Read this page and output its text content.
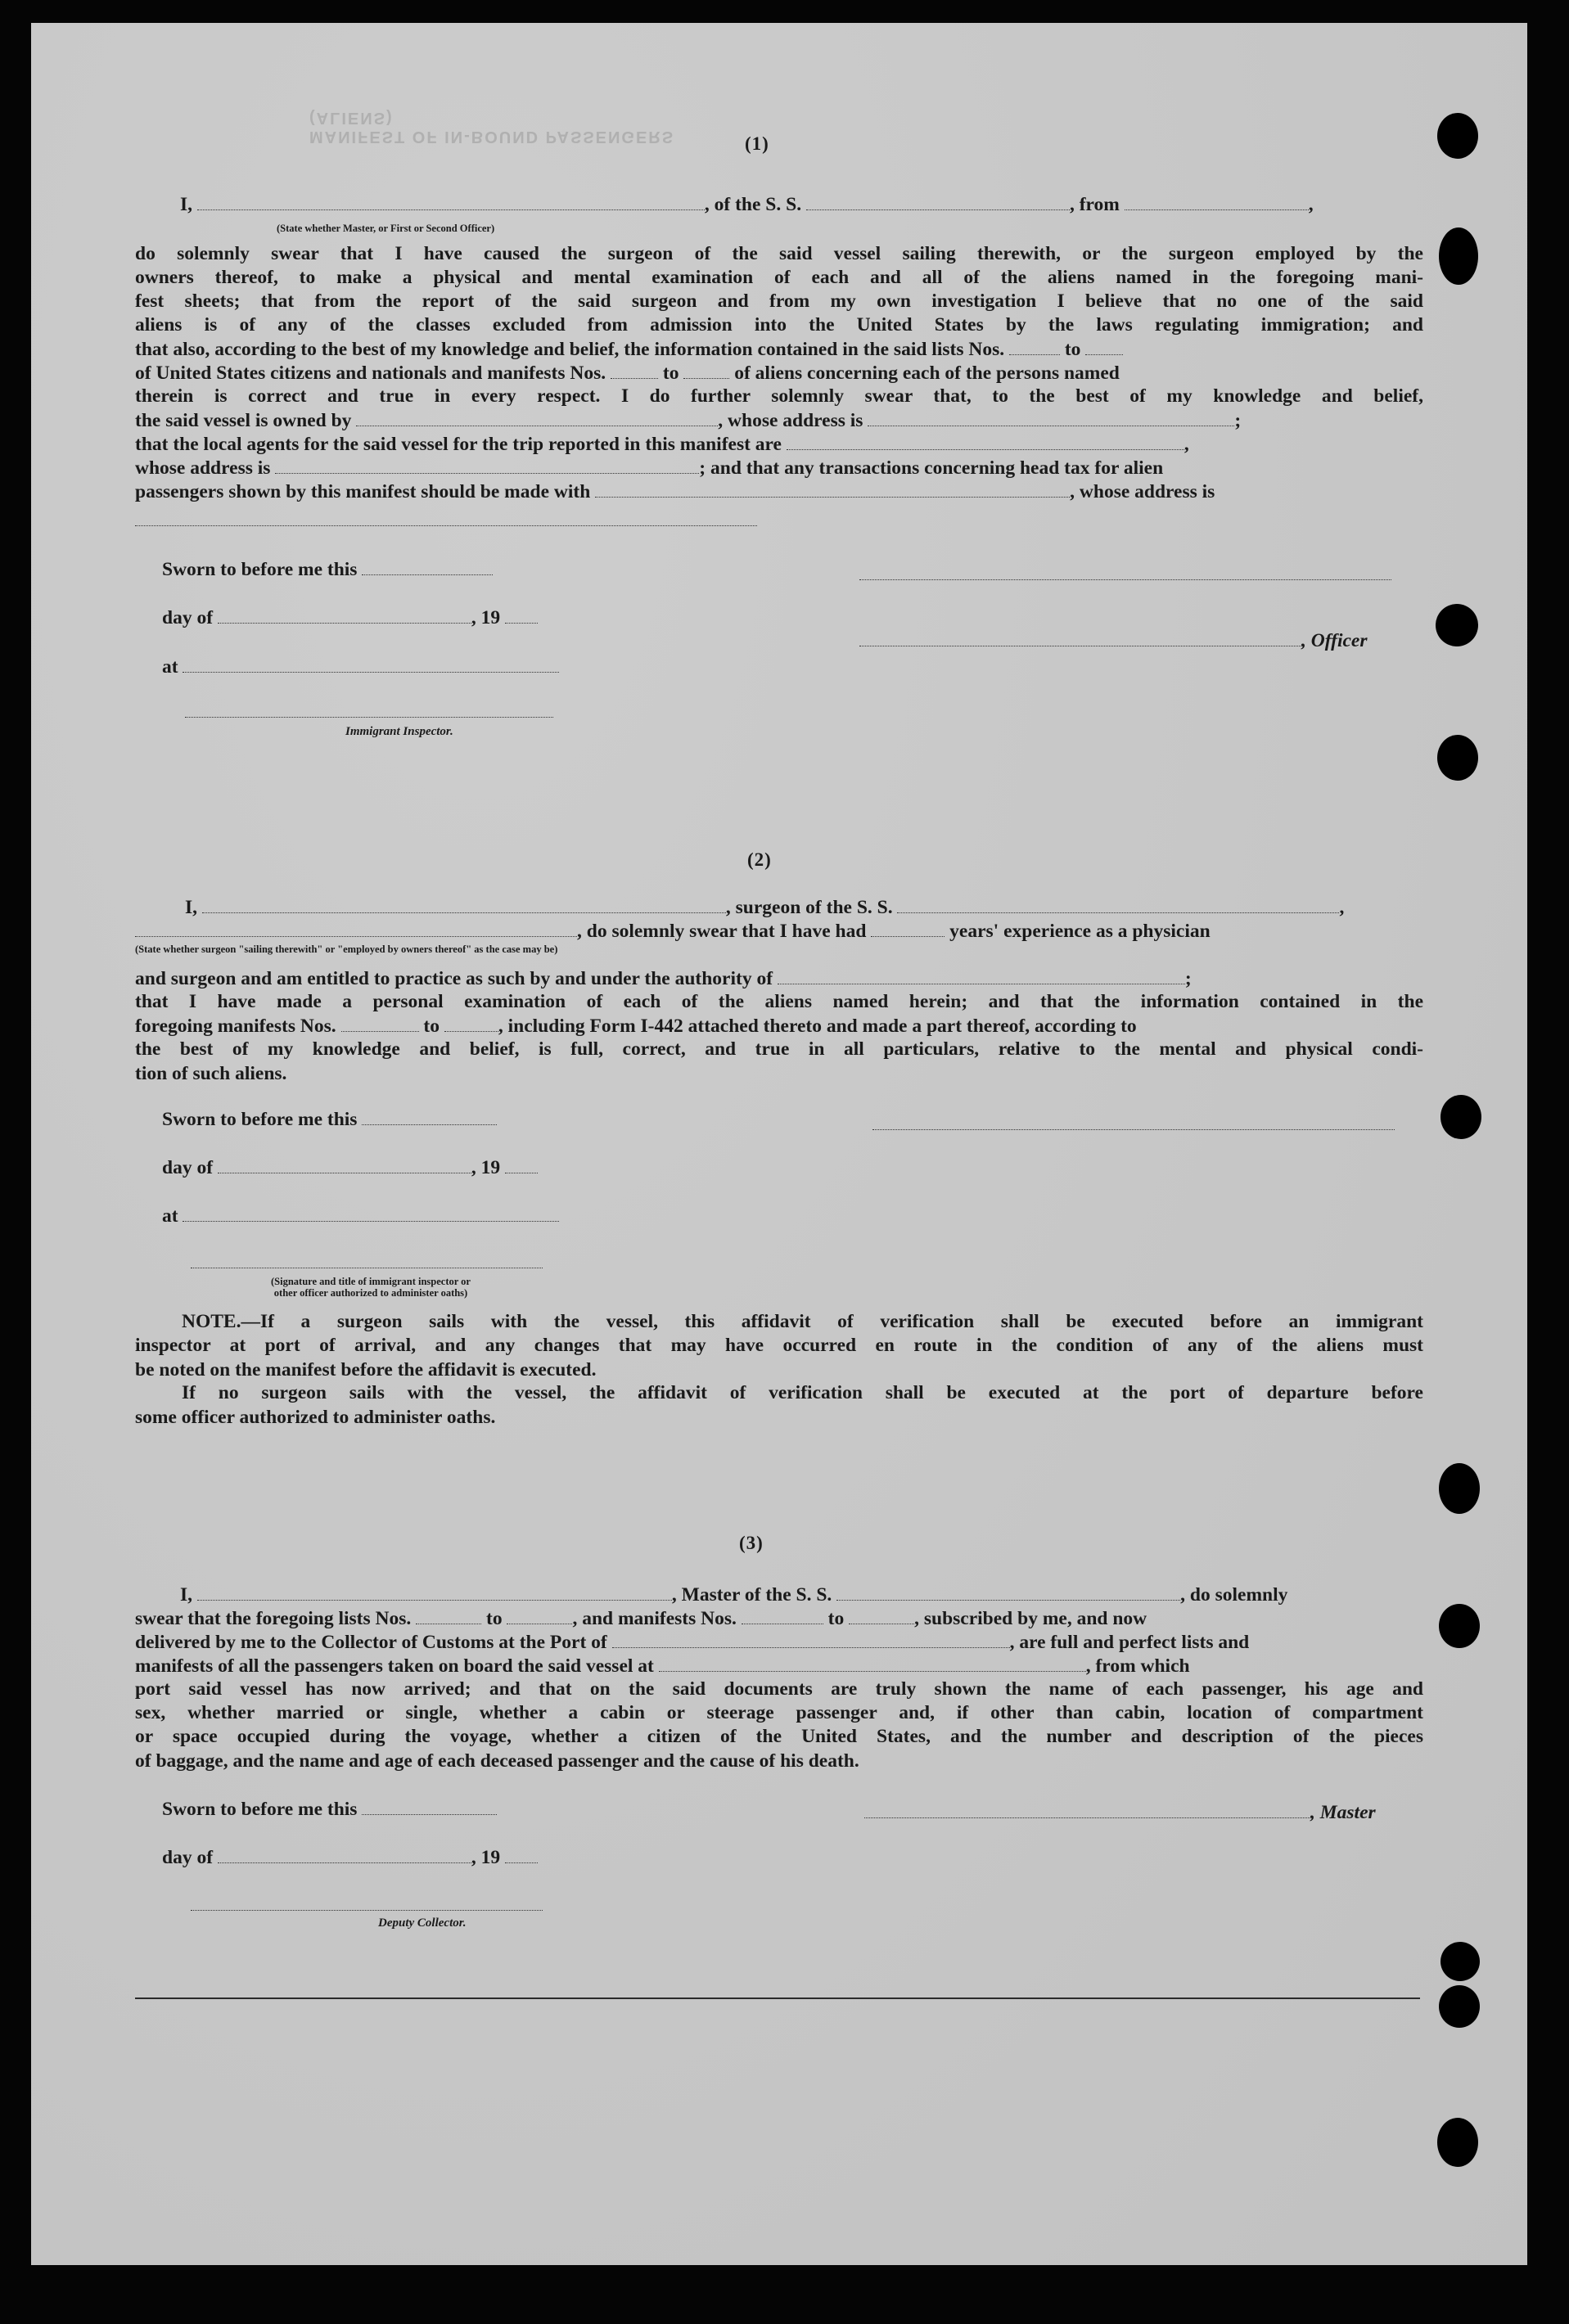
MANIFEST OF IN-BOUND PASSENGERS (ALIENS)
(1)
I,	, of the S. S.	, from	,
(State whether Master, or First or Second Officer)
do solemnly swear that I have caused the surgeon of the said vessel sailing therewith, or the surgeon employed by the
owners thereof, to make a physical and mental examination of each and all of the aliens named in the foregoing mani-
fest sheets; that from the report of the said surgeon and from my own investigation I believe that no one of the said
aliens is of any of the classes excluded from admission into the United States by the laws regulating immigration; and
that also, according to the best of my knowledge and belief, the information contained in the said lists Nos.	to
of United States citizens and nationals and manifests Nos.	to	of aliens concerning each of the persons named
therein is correct and true in every respect. I do further solemnly swear that, to the best of my knowledge and belief,
the said vessel is owned by	, whose address is	;
that the local agents for the said vessel for the trip reported in this manifest are	,
whose address is	; and that any transactions concerning head tax for alien
passengers shown by this manifest should be made with	, whose address is
Sworn to before me this
day of	, 19
, Officer
at
Immigrant Inspector.
(2)
I,	, surgeon of the S. S.	,
, do solemnly swear that I have had	years' experience as a physician
(State whether surgeon "sailing therewith" or "employed by owners thereof" as the case may be)
and surgeon and am entitled to practice as such by and under the authority of	;
that I have made a personal examination of each of the aliens named herein; and that the information contained in the
foregoing manifests Nos.	to	, including Form I-442 attached thereto and made a part thereof, according to
the best of my knowledge and belief, is full, correct, and true in all particulars, relative to the mental and physical condi-
tion of such aliens.
Sworn to before me this
day of	, 19
at
(Signature and title of immigrant inspector or
other officer authorized to administer oaths)
NOTE.—If a surgeon sails with the vessel, this affidavit of verification shall be executed before an immigrant
inspector at port of arrival, and any changes that may have occurred en route in the condition of any of the aliens must
be noted on the manifest before the affidavit is executed.
If no surgeon sails with the vessel, the affidavit of verification shall be executed at the port of departure before
some officer authorized to administer oaths.
(3)
I,	, Master of the S. S.	, do solemnly
swear that the foregoing lists Nos.	to	, and manifests Nos.	to	, subscribed by me, and now
delivered by me to the Collector of Customs at the Port of	, are full and perfect lists and
manifests of all the passengers taken on board the said vessel at	, from which
port said vessel has now arrived; and that on the said documents are truly shown the name of each passenger, his age and
sex, whether married or single, whether a cabin or steerage passenger and, if other than cabin, location of compartment
or space occupied during the voyage, whether a citizen of the United States, and the number and description of the pieces
of baggage, and the name and age of each deceased passenger and the cause of his death.
Sworn to before me this	, Master
day of	, 19
Deputy Collector.
